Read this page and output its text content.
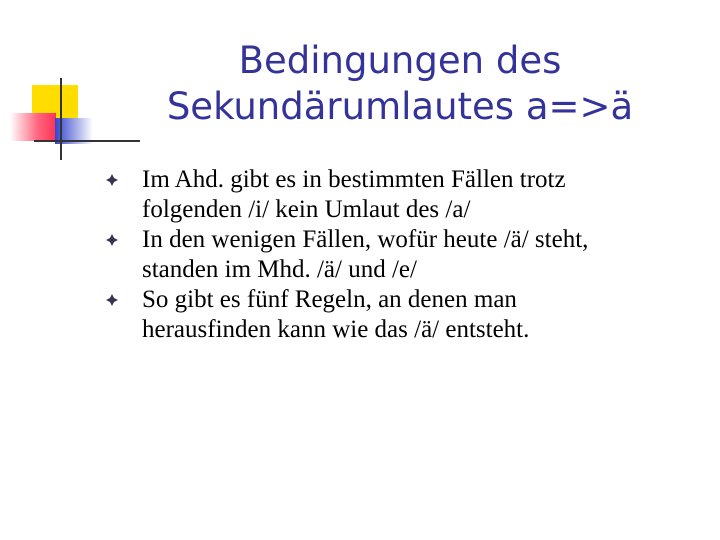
Bedingungen des
Sekundärumlautes a=>ä
Im Ahd. gibt es in bestimmten Fällen trotz
folgenden /i/ kein Umlaut des /a/
In den wenigen Fällen, wofür heute /ä/ steht,
standen im Mhd. /ä/ und /e/
So gibt es fünf Regeln, an denen man
herausfinden kann wie das /ä/ entsteht.
